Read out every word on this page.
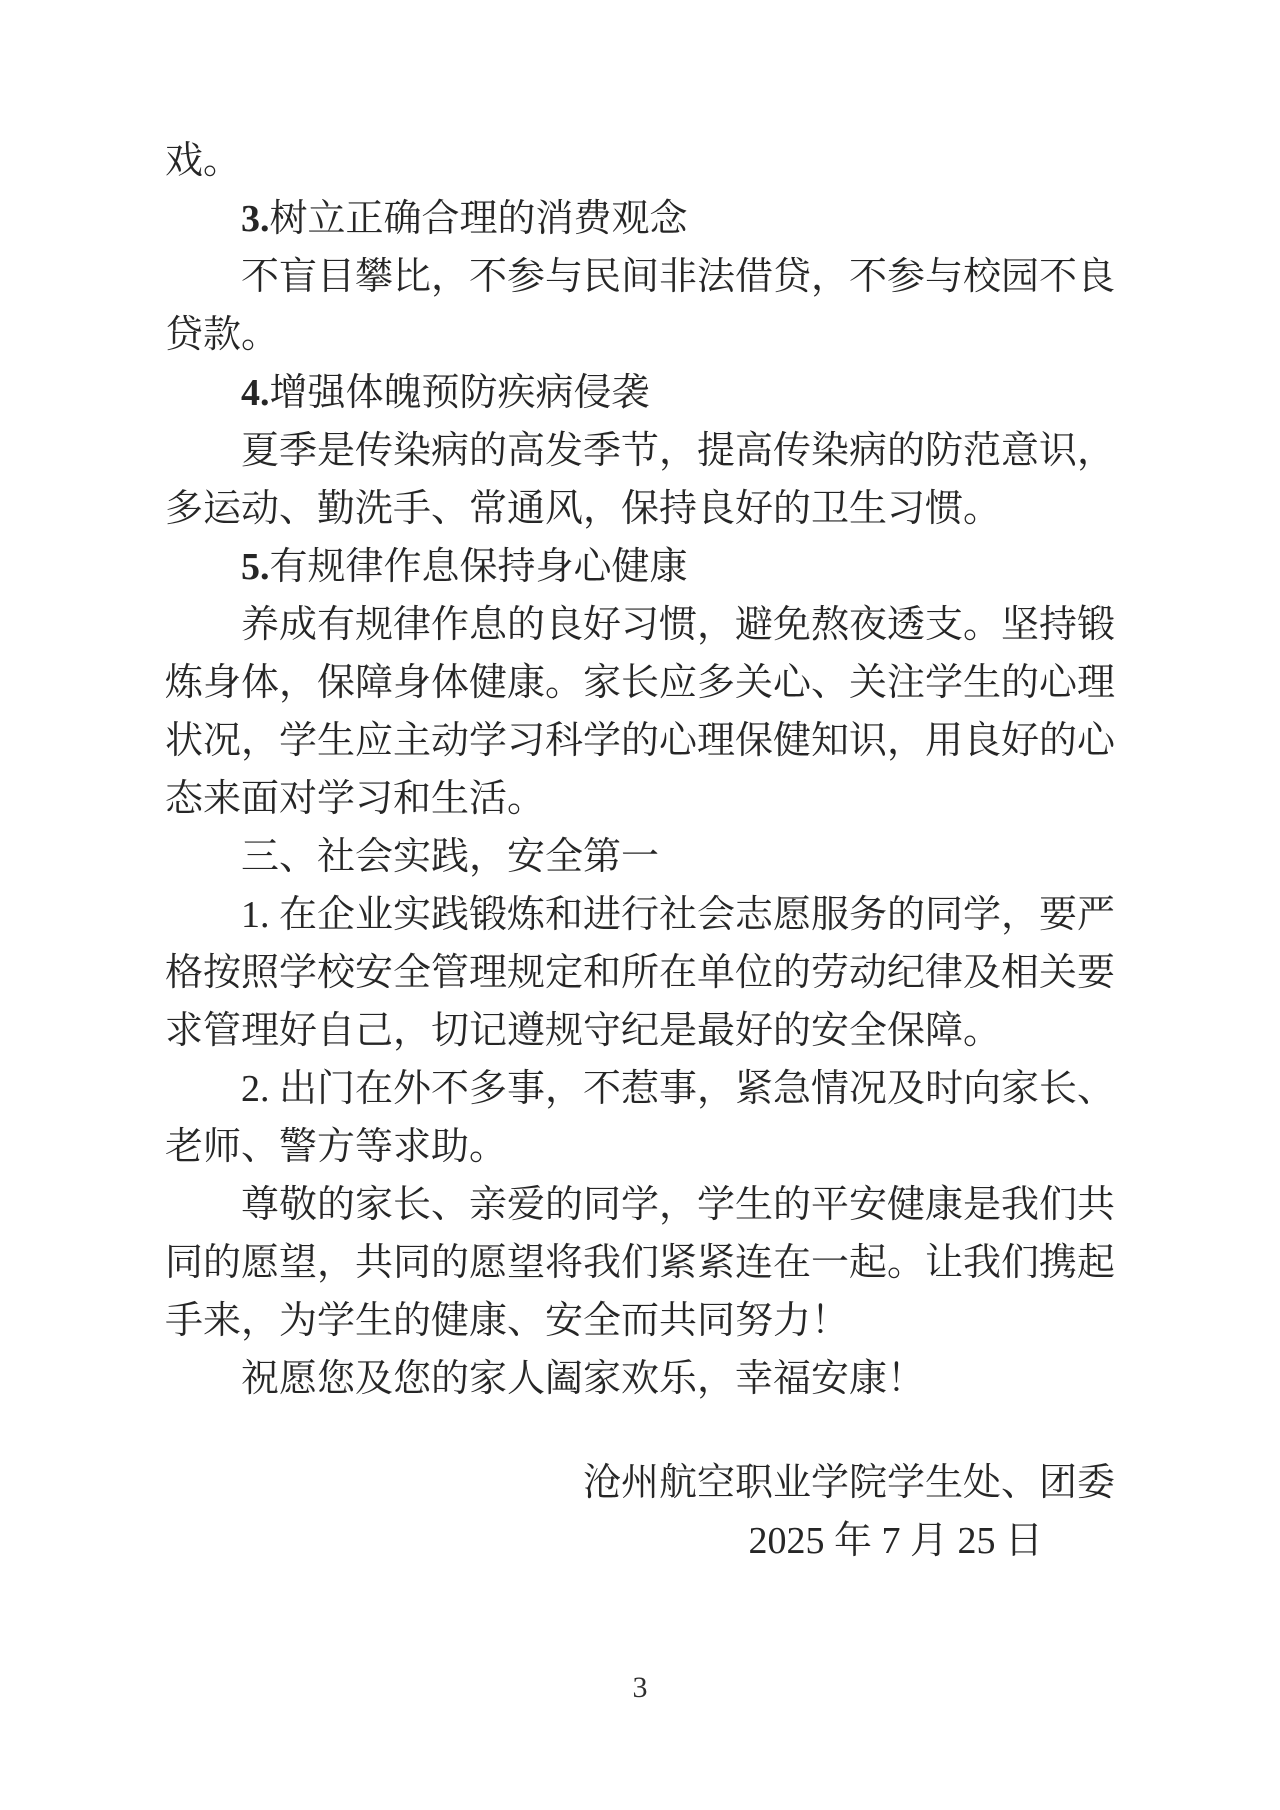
戏。

3.树立正确合理的消费观念

不盲目攀比，不参与民间非法借贷，不参与校园不良贷款。

4.增强体魄预防疾病侵袭

夏季是传染病的高发季节，提高传染病的防范意识，多运动、勤洗手、常通风，保持良好的卫生习惯。

5.有规律作息保持身心健康

养成有规律作息的良好习惯，避免熬夜透支。坚持锻炼身体，保障身体健康。家长应多关心、关注学生的心理状况，学生应主动学习科学的心理保健知识，用良好的心态来面对学习和生活。

三、社会实践，安全第一

1. 在企业实践锻炼和进行社会志愿服务的同学，要严格按照学校安全管理规定和所在单位的劳动纪律及相关要求管理好自己，切记遵规守纪是最好的安全保障。

2. 出门在外不多事，不惹事，紧急情况及时向家长、老师、警方等求助。

尊敬的家长、亲爱的同学，学生的平安健康是我们共同的愿望，共同的愿望将我们紧紧连在一起。让我们携起手来，为学生的健康、安全而共同努力！

祝愿您及您的家人阖家欢乐，幸福安康！

沧州航空职业学院学生处、团委

2025 年 7 月 25 日

3
